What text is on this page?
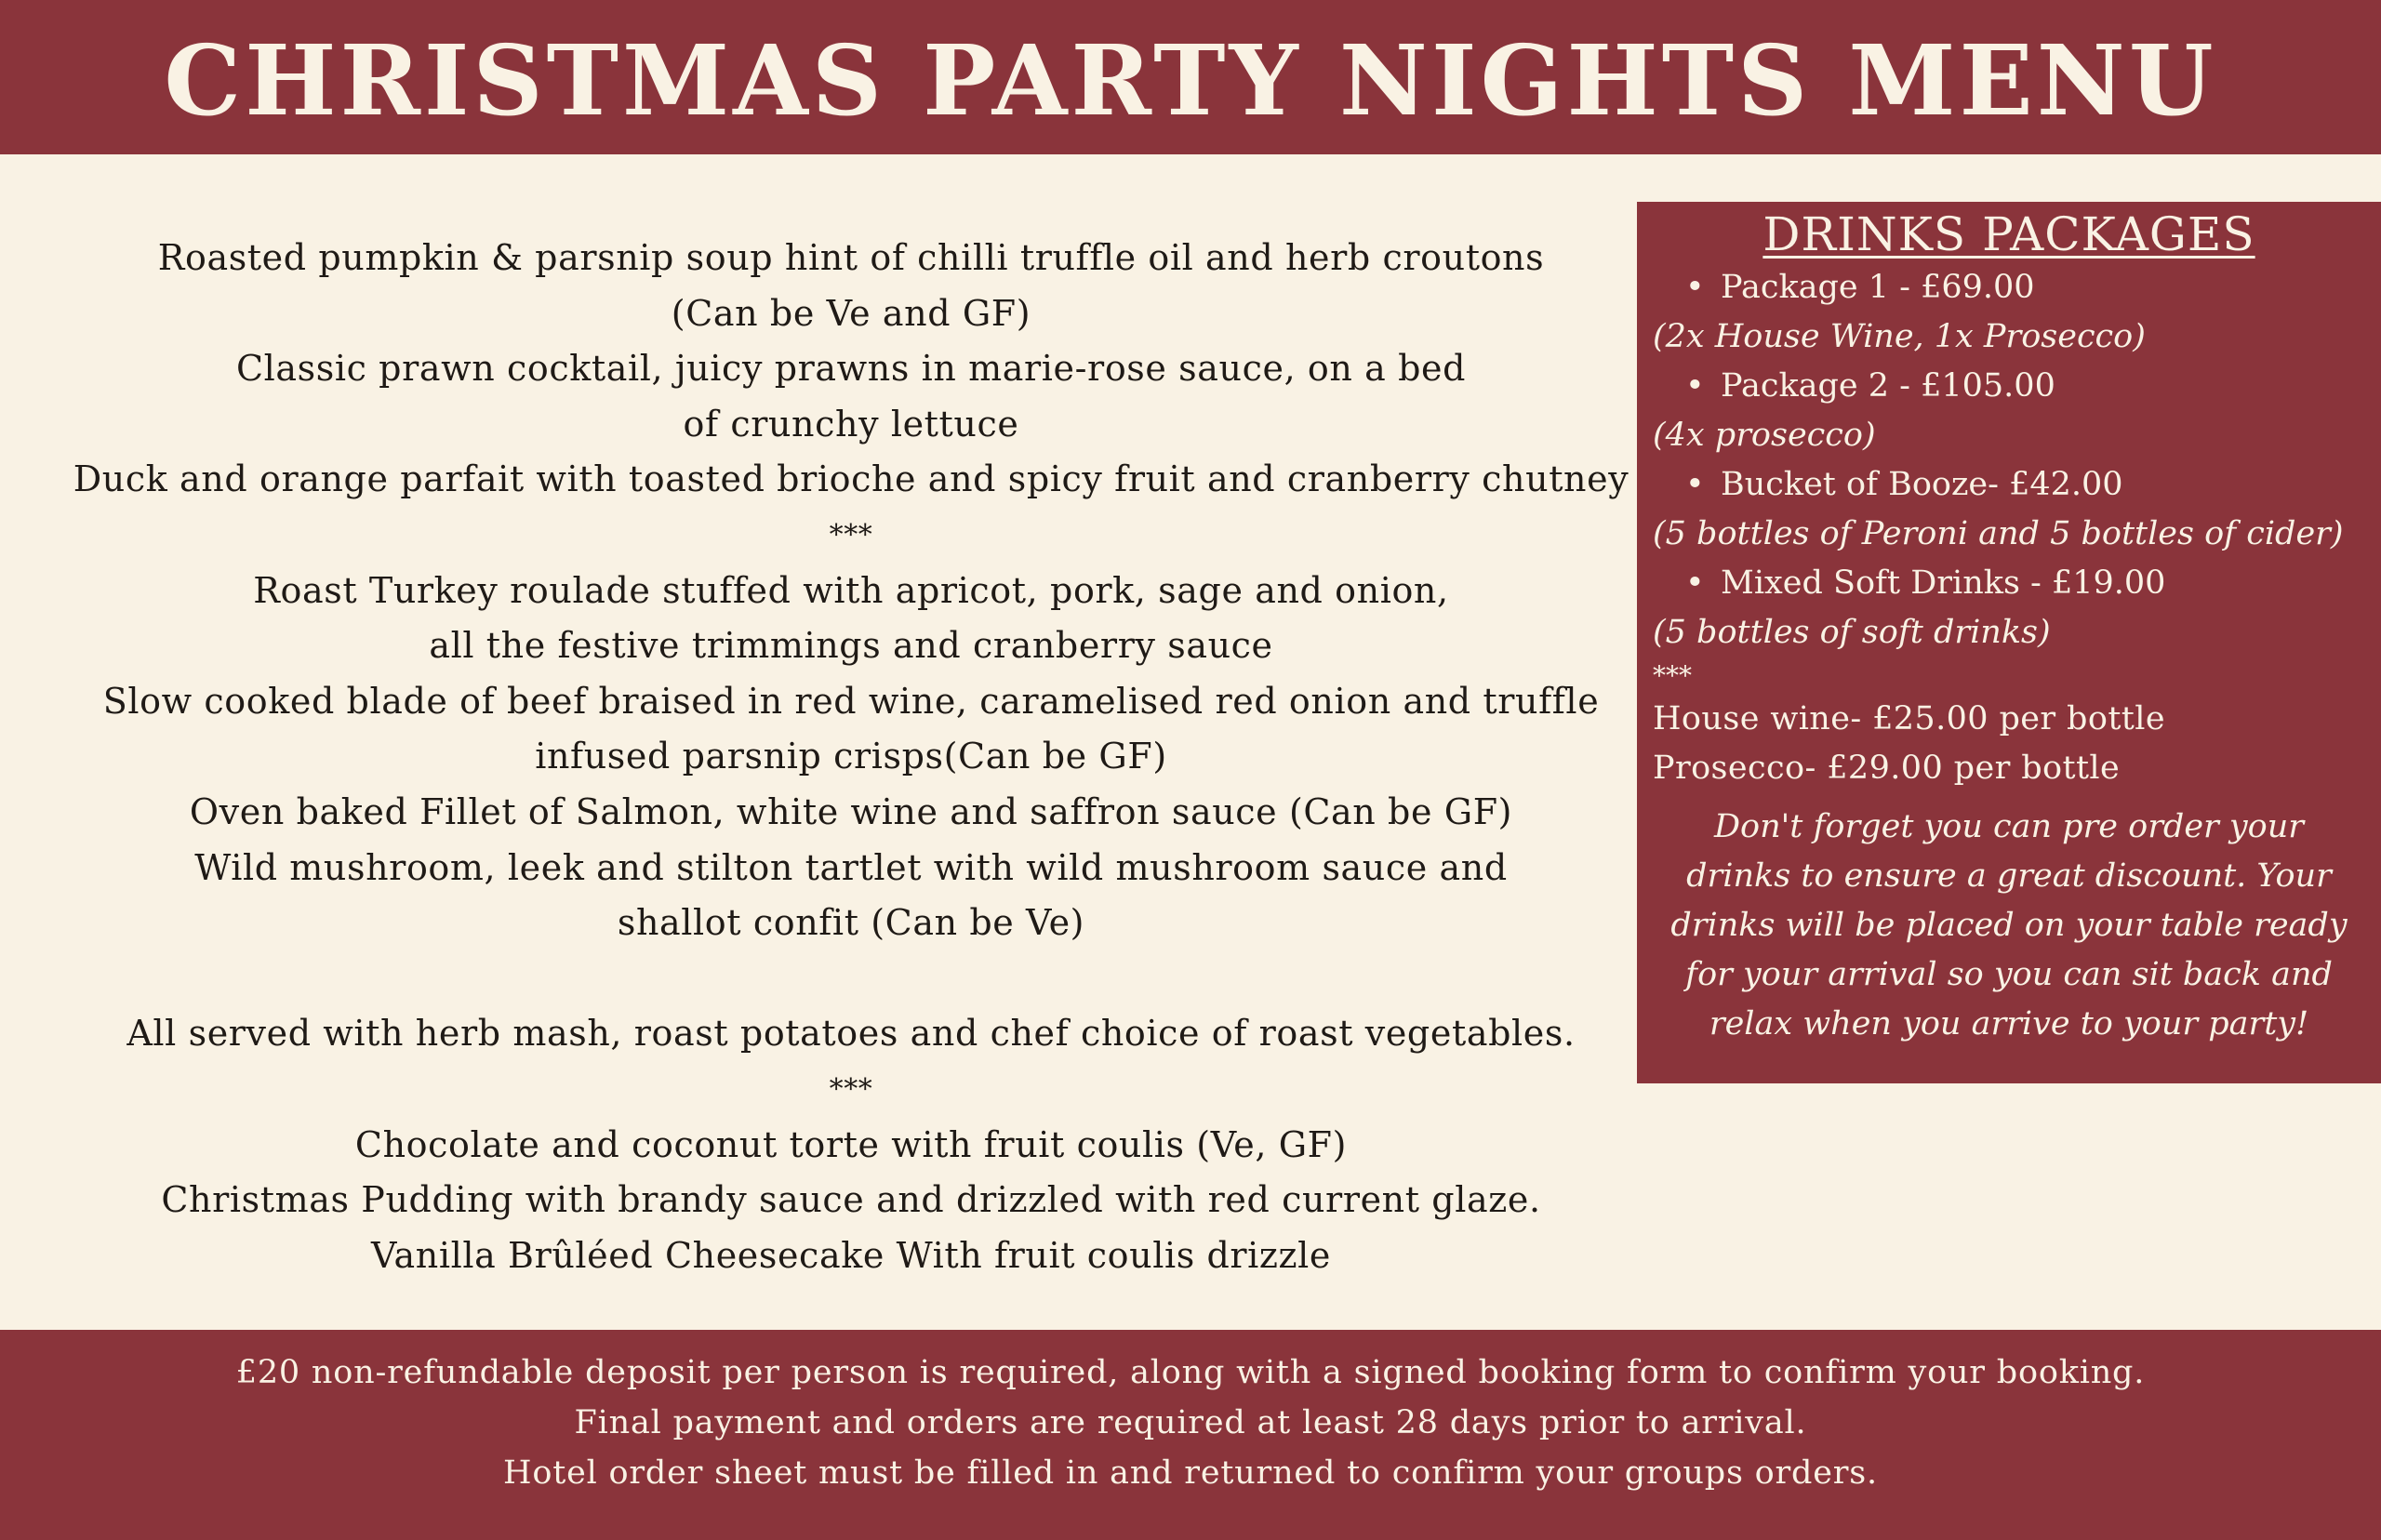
CHRISTMAS PARTY NIGHTS MENU
Roasted pumpkin & parsnip soup hint of chilli truffle oil and herb croutons
(Can be Ve and GF)
Classic prawn cocktail, juicy prawns in marie-rose sauce, on a bed
of crunchy lettuce
Duck and orange parfait with toasted brioche and spicy fruit and cranberry chutney
***
Roast Turkey roulade stuffed with apricot, pork, sage and onion,
all the festive trimmings and cranberry sauce
Slow cooked blade of beef braised in red wine, caramelised red onion and truffle
infused parsnip crisps(Can be GF)
Oven baked Fillet of Salmon, white wine and saffron sauce (Can be GF)
Wild mushroom, leek and stilton tartlet with wild mushroom sauce and
shallot confit (Can be Ve)
All served with herb mash, roast potatoes and chef choice of roast vegetables.
***
Chocolate and coconut torte with fruit coulis (Ve, GF)
Christmas Pudding with brandy sauce and drizzled with red current glaze.
Vanilla Brûléed Cheesecake With fruit coulis drizzle
DRINKS PACKAGES
• Package 1 - £69.00
(2x House Wine, 1x Prosecco)
• Package 2 - £105.00
(4x prosecco)
• Bucket of Booze- £42.00
(5 bottles of Peroni and 5 bottles of cider)
• Mixed Soft Drinks - £19.00
(5 bottles of soft drinks)
***
House wine- £25.00 per bottle
Prosecco- £29.00 per bottle
Don't forget you can pre order your
drinks to ensure a great discount. Your
drinks will be placed on your table ready
for your arrival so you can sit back and
relax when you arrive to your party!
£20 non-refundable deposit per person is required, along with a signed booking form to confirm your booking.
Final payment and orders are required at least 28 days prior to arrival.
Hotel order sheet must be filled in and returned to confirm your groups orders.
